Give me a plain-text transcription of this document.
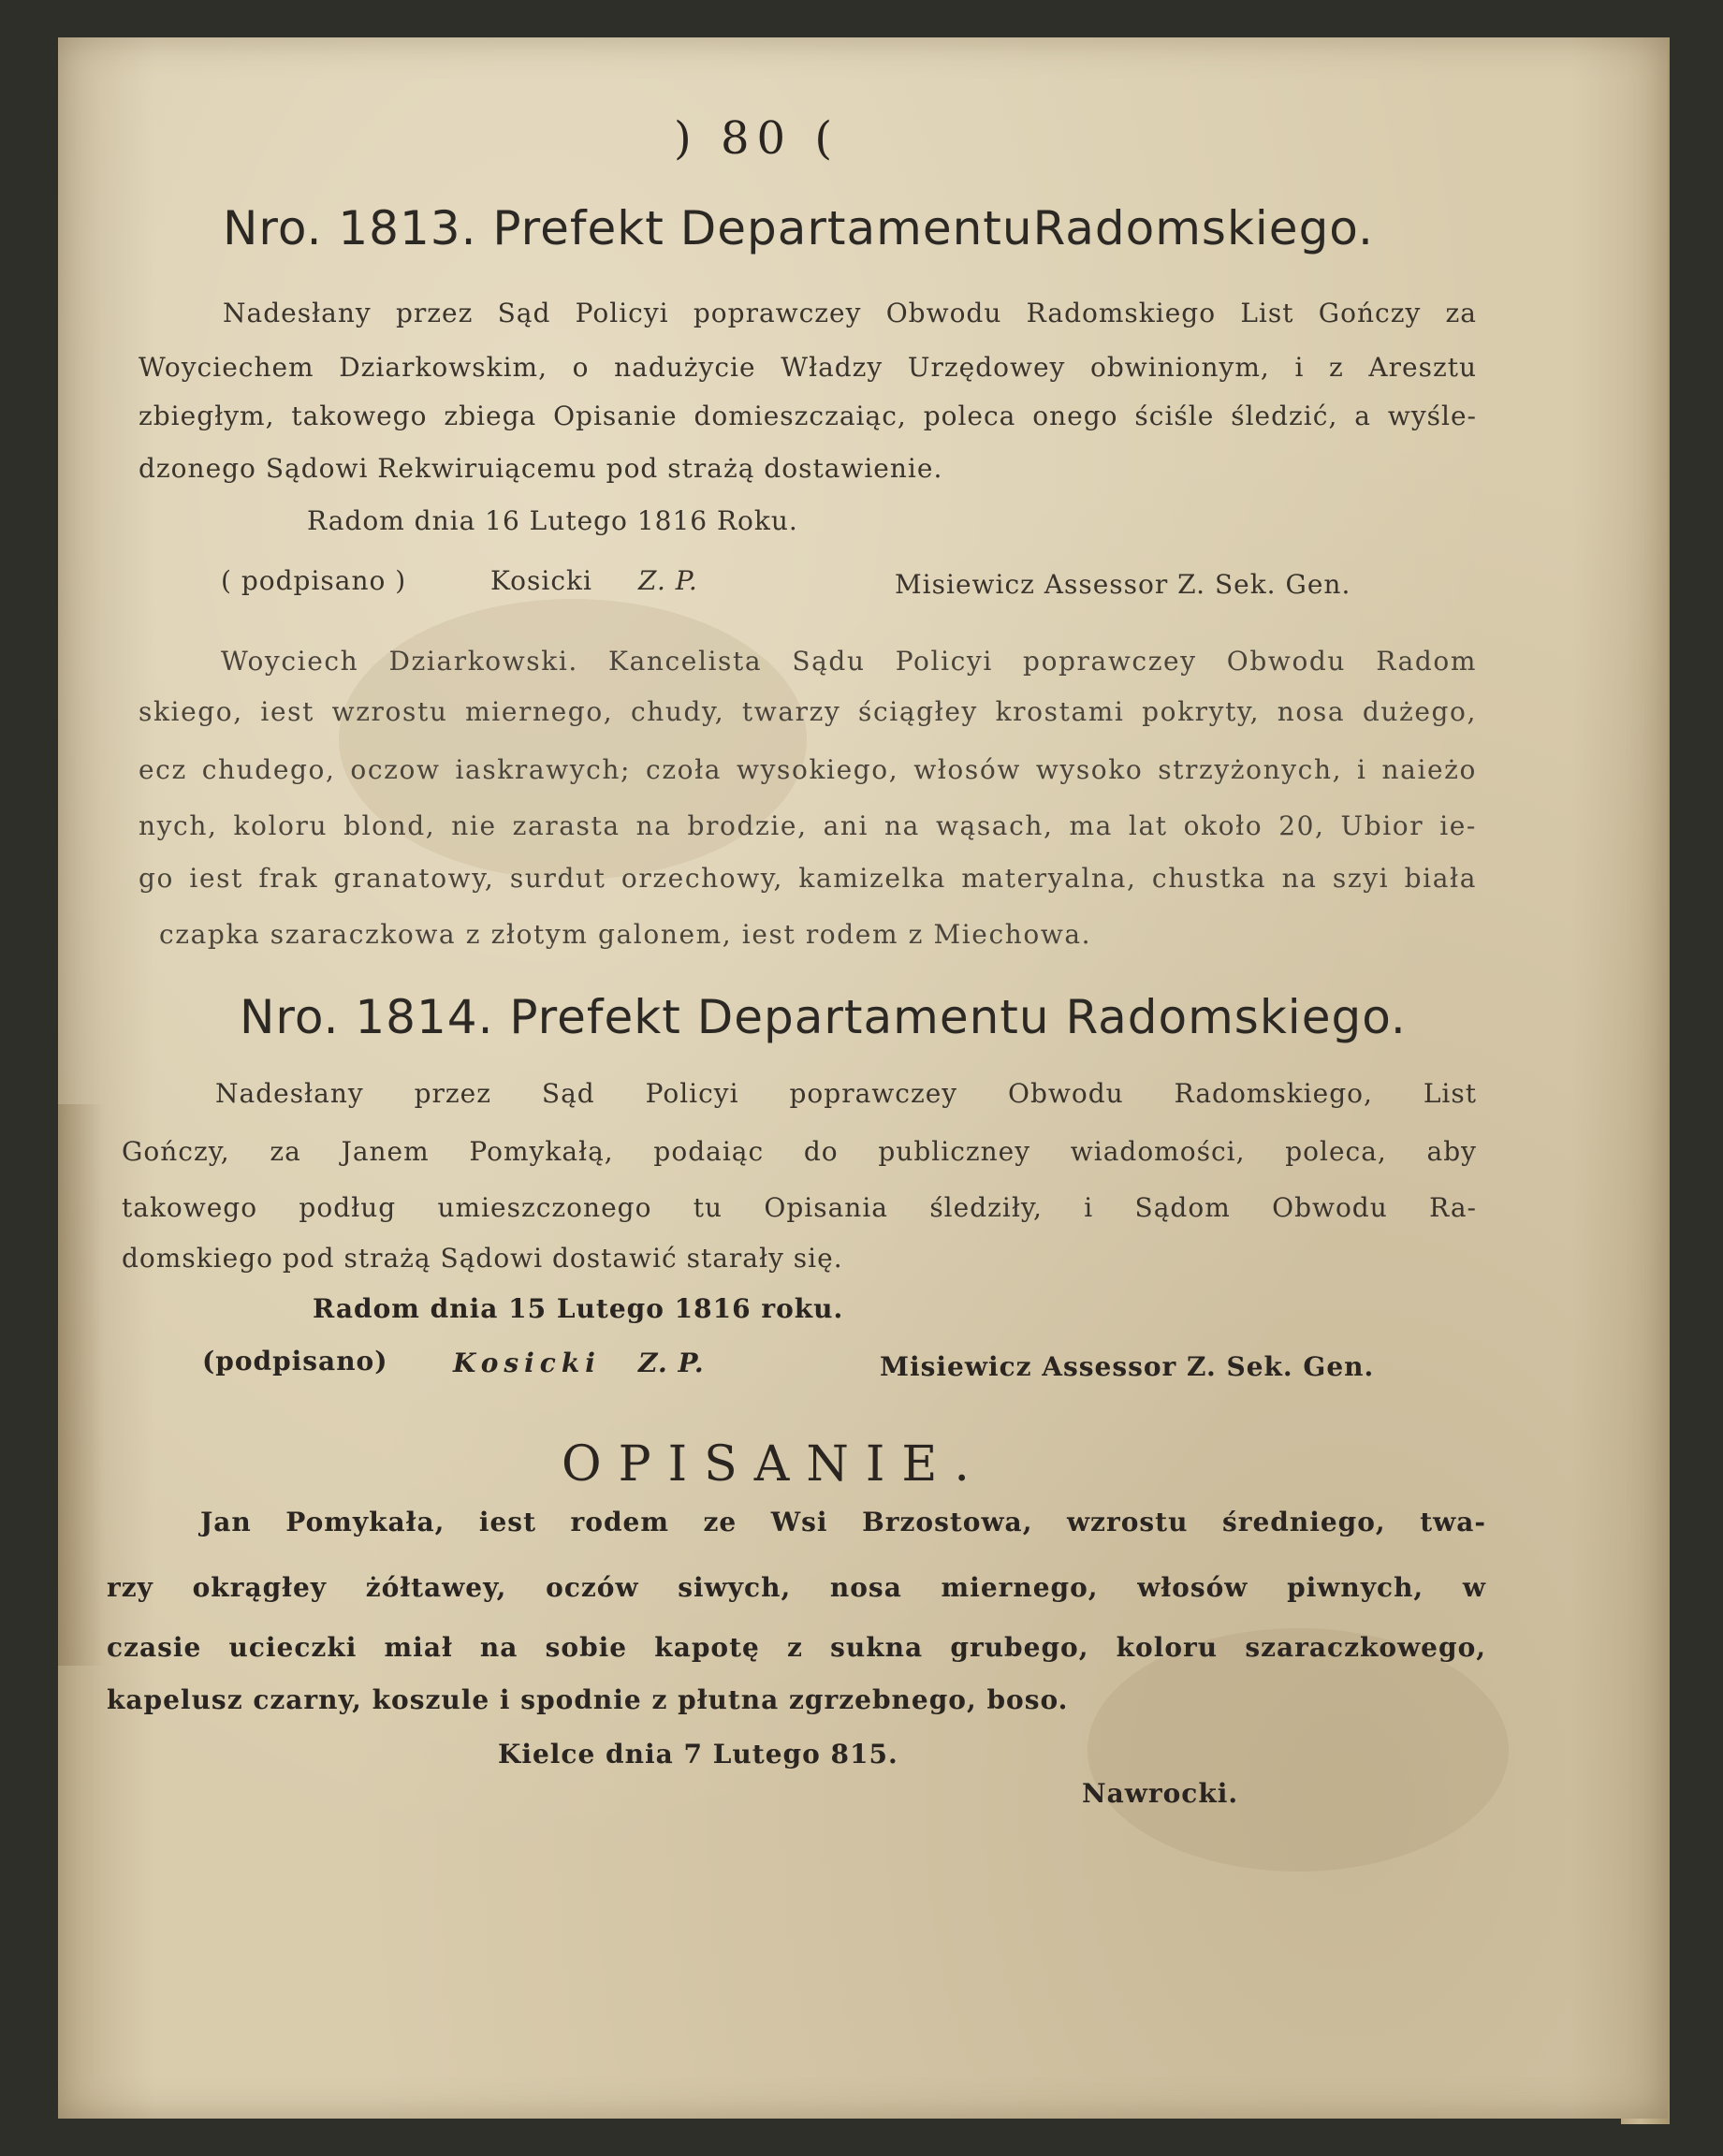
) 80 (

Nro. 1813. Prefekt DepartamentuRadomskiego.

Nadesłany przez Sąd Policyi poprawczey Obwodu Radomskiego List Gończy za

Woyciechem Dziarkowskim, o nadużycie Władzy Urzędowey obwinionym, i z Aresztu

zbiegłym, takowego zbiega Opisanie domieszczaiąc, poleca onego ściśle śledzić, a wyśle-

dzonego Sądowi Rekwiruiącemu pod strażą dostawienie.

Radom dnia 16 Lutego 1816 Roku.

( podpisano )	Kosicki Z. P.	Misiewicz Assessor Z. Sek. Gen.

Woyciech Dziarkowski. Kancelista Sądu Policyi poprawczey Obwodu Radom

skiego, iest wzrostu miernego, chudy, twarzy ściągłey krostami pokryty, nosa dużego,

ecz chudego, oczow iaskrawych; czoła wysokiego, włosów wysoko strzyżonych, i naieżo

nych, koloru blond, nie zarasta na brodzie, ani na wąsach, ma lat około 20, Ubior ie-

go iest frak granatowy, surdut orzechowy, kamizelka materyalna, chustka na szyi biała

czapka szaraczkowa z złotym galonem, iest rodem z Miechowa.

Nro. 1814. Prefekt Departamentu Radomskiego.

Nadesłany przez Sąd Policyi poprawczey Obwodu Radomskiego, List

Gończy, za Janem Pomykałą, podaiąc do publiczney wiadomości, poleca, aby

takowego podług umieszczonego tu Opisania śledziły, i Sądom Obwodu Ra-

domskiego pod strażą Sądowi dostawić starały się.

Radom dnia 15 Lutego 1816 roku.

(podpisano) Kosicki Z. P.	Misiewicz Assessor Z. Sek. Gen.

OPISANIE.

Jan Pomykała, iest rodem ze Wsi Brzostowa, wzrostu średniego, twa-

rzy okrągłey żółtawey, oczów siwych, nosa miernego, włosów piwnych, w

czasie ucieczki miał na sobie kapotę z sukna grubego, koloru szaraczkowego,

kapelusz czarny, koszule i spodnie z płutna zgrzebnego, boso.

Kielce dnia 7 Lutego 815.

Nawrocki.
